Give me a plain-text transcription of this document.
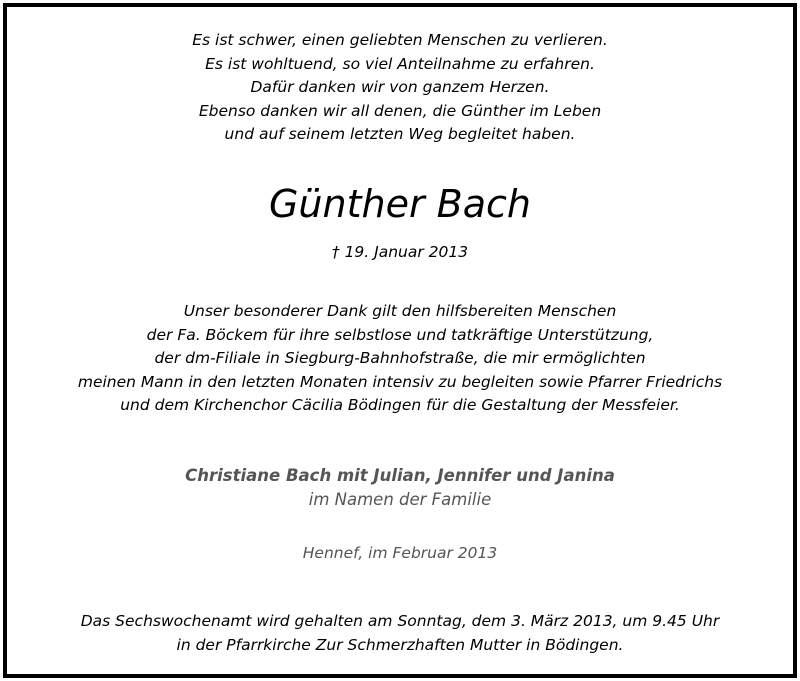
Es ist schwer, einen geliebten Menschen zu verlieren.
Es ist wohltuend, so viel Anteilnahme zu erfahren.
Dafür danken wir von ganzem Herzen.
Ebenso danken wir all denen, die Günther im Leben
und auf seinem letzten Weg begleitet haben.
Günther Bach
† 19. Januar 2013
Unser besonderer Dank gilt den hilfsbereiten Menschen
der Fa. Böckem für ihre selbstlose und tatkräftige Unterstützung,
der dm-Filiale in Siegburg-Bahnhofstraße, die mir ermöglichten
meinen Mann in den letzten Monaten intensiv zu begleiten sowie Pfarrer Friedrichs
und dem Kirchenchor Cäcilia Bödingen für die Gestaltung der Messfeier.
Christiane Bach mit Julian, Jennifer und Janina
im Namen der Familie
Hennef, im Februar 2013
Das Sechswochenamt wird gehalten am Sonntag, dem 3. März 2013, um 9.45 Uhr
in der Pfarrkirche Zur Schmerzhaften Mutter in Bödingen.
